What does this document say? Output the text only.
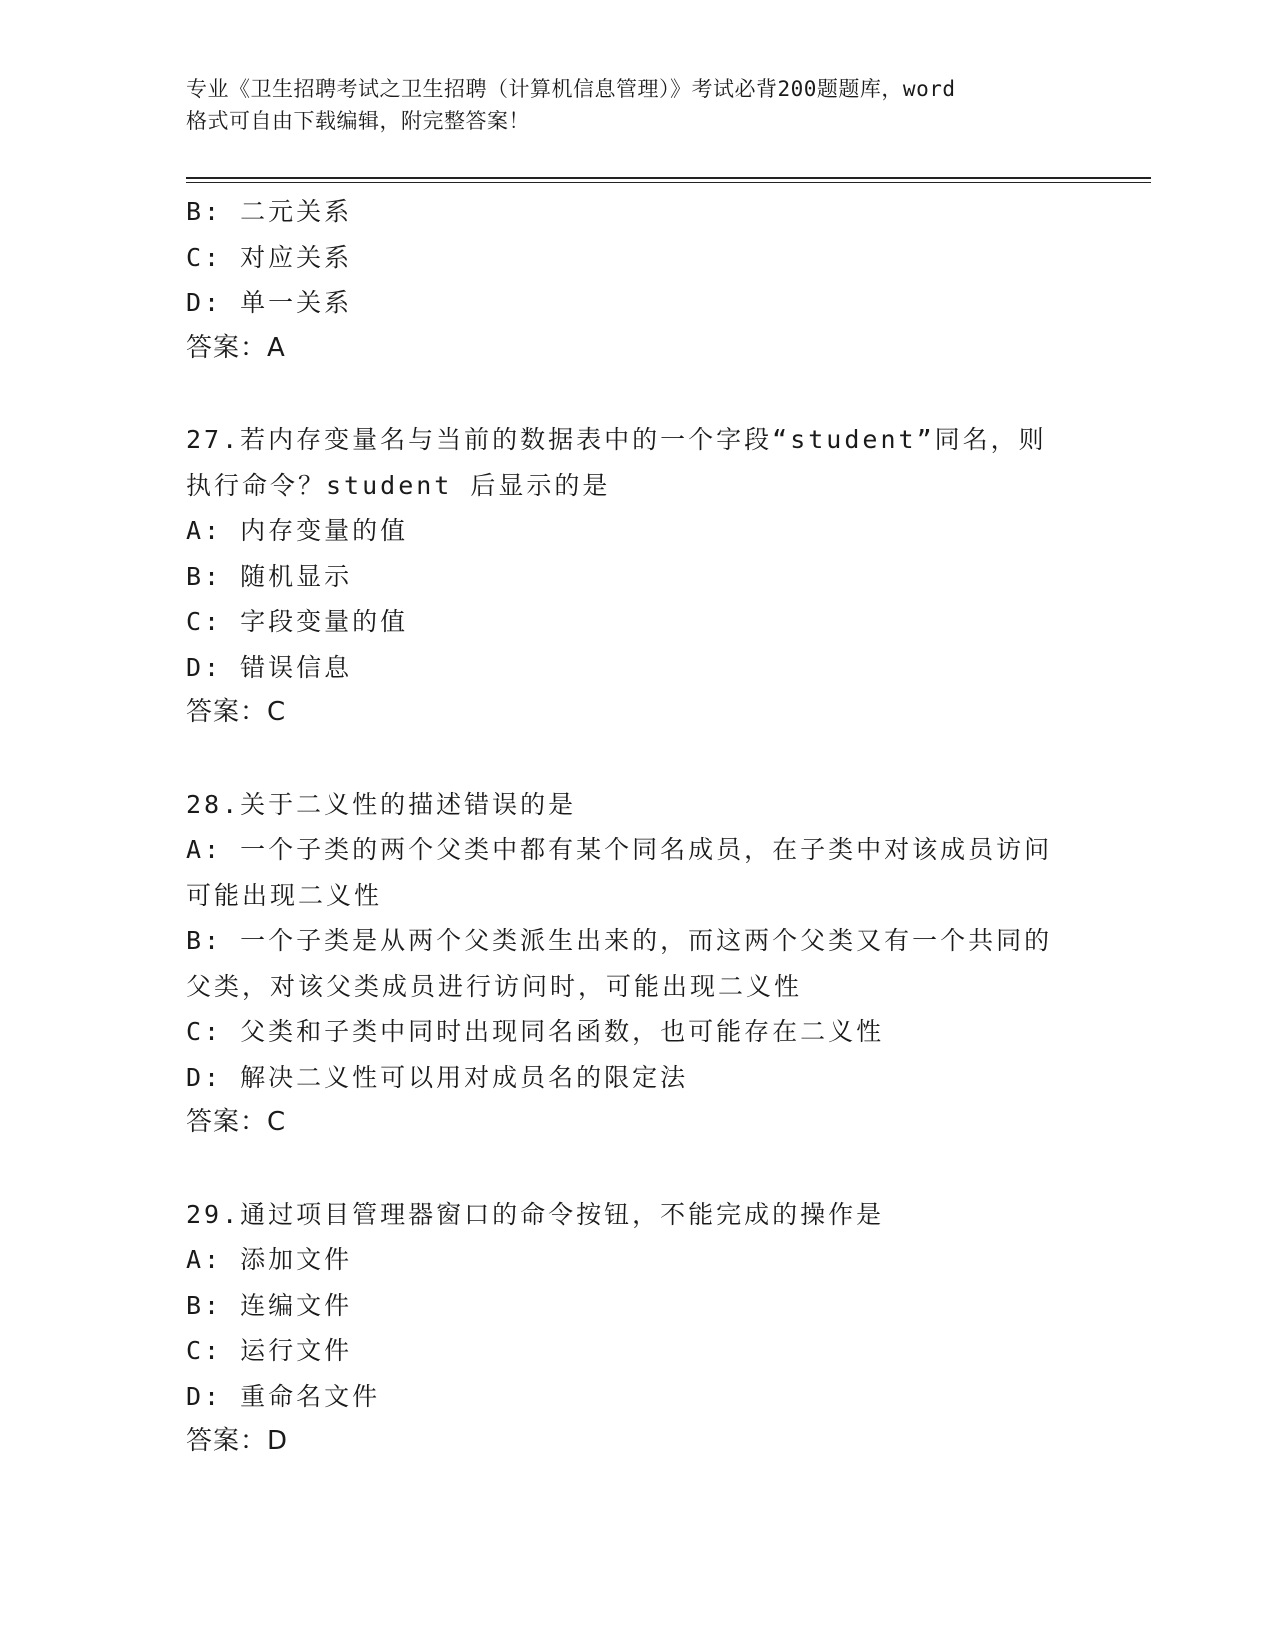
专业《卫生招聘考试之卫生招聘（计算机信息管理）》考试必背200题题库，word
格式可自由下载编辑，附完整答案！
B: 二元关系
C: 对应关系
D: 单一关系
答案：A
27.若内存变量名与当前的数据表中的一个字段“student”同名，则
执行命令？student 后显示的是
A: 内存变量的值
B: 随机显示
C: 字段变量的值
D: 错误信息
答案：C
28.关于二义性的描述错误的是
A: 一个子类的两个父类中都有某个同名成员，在子类中对该成员访问
可能出现二义性
B: 一个子类是从两个父类派生出来的，而这两个父类又有一个共同的
父类，对该父类成员进行访问时，可能出现二义性
C: 父类和子类中同时出现同名函数，也可能存在二义性
D: 解决二义性可以用对成员名的限定法
答案：C
29.通过项目管理器窗口的命令按钮，不能完成的操作是
A: 添加文件
B: 连编文件
C: 运行文件
D: 重命名文件
答案：D
